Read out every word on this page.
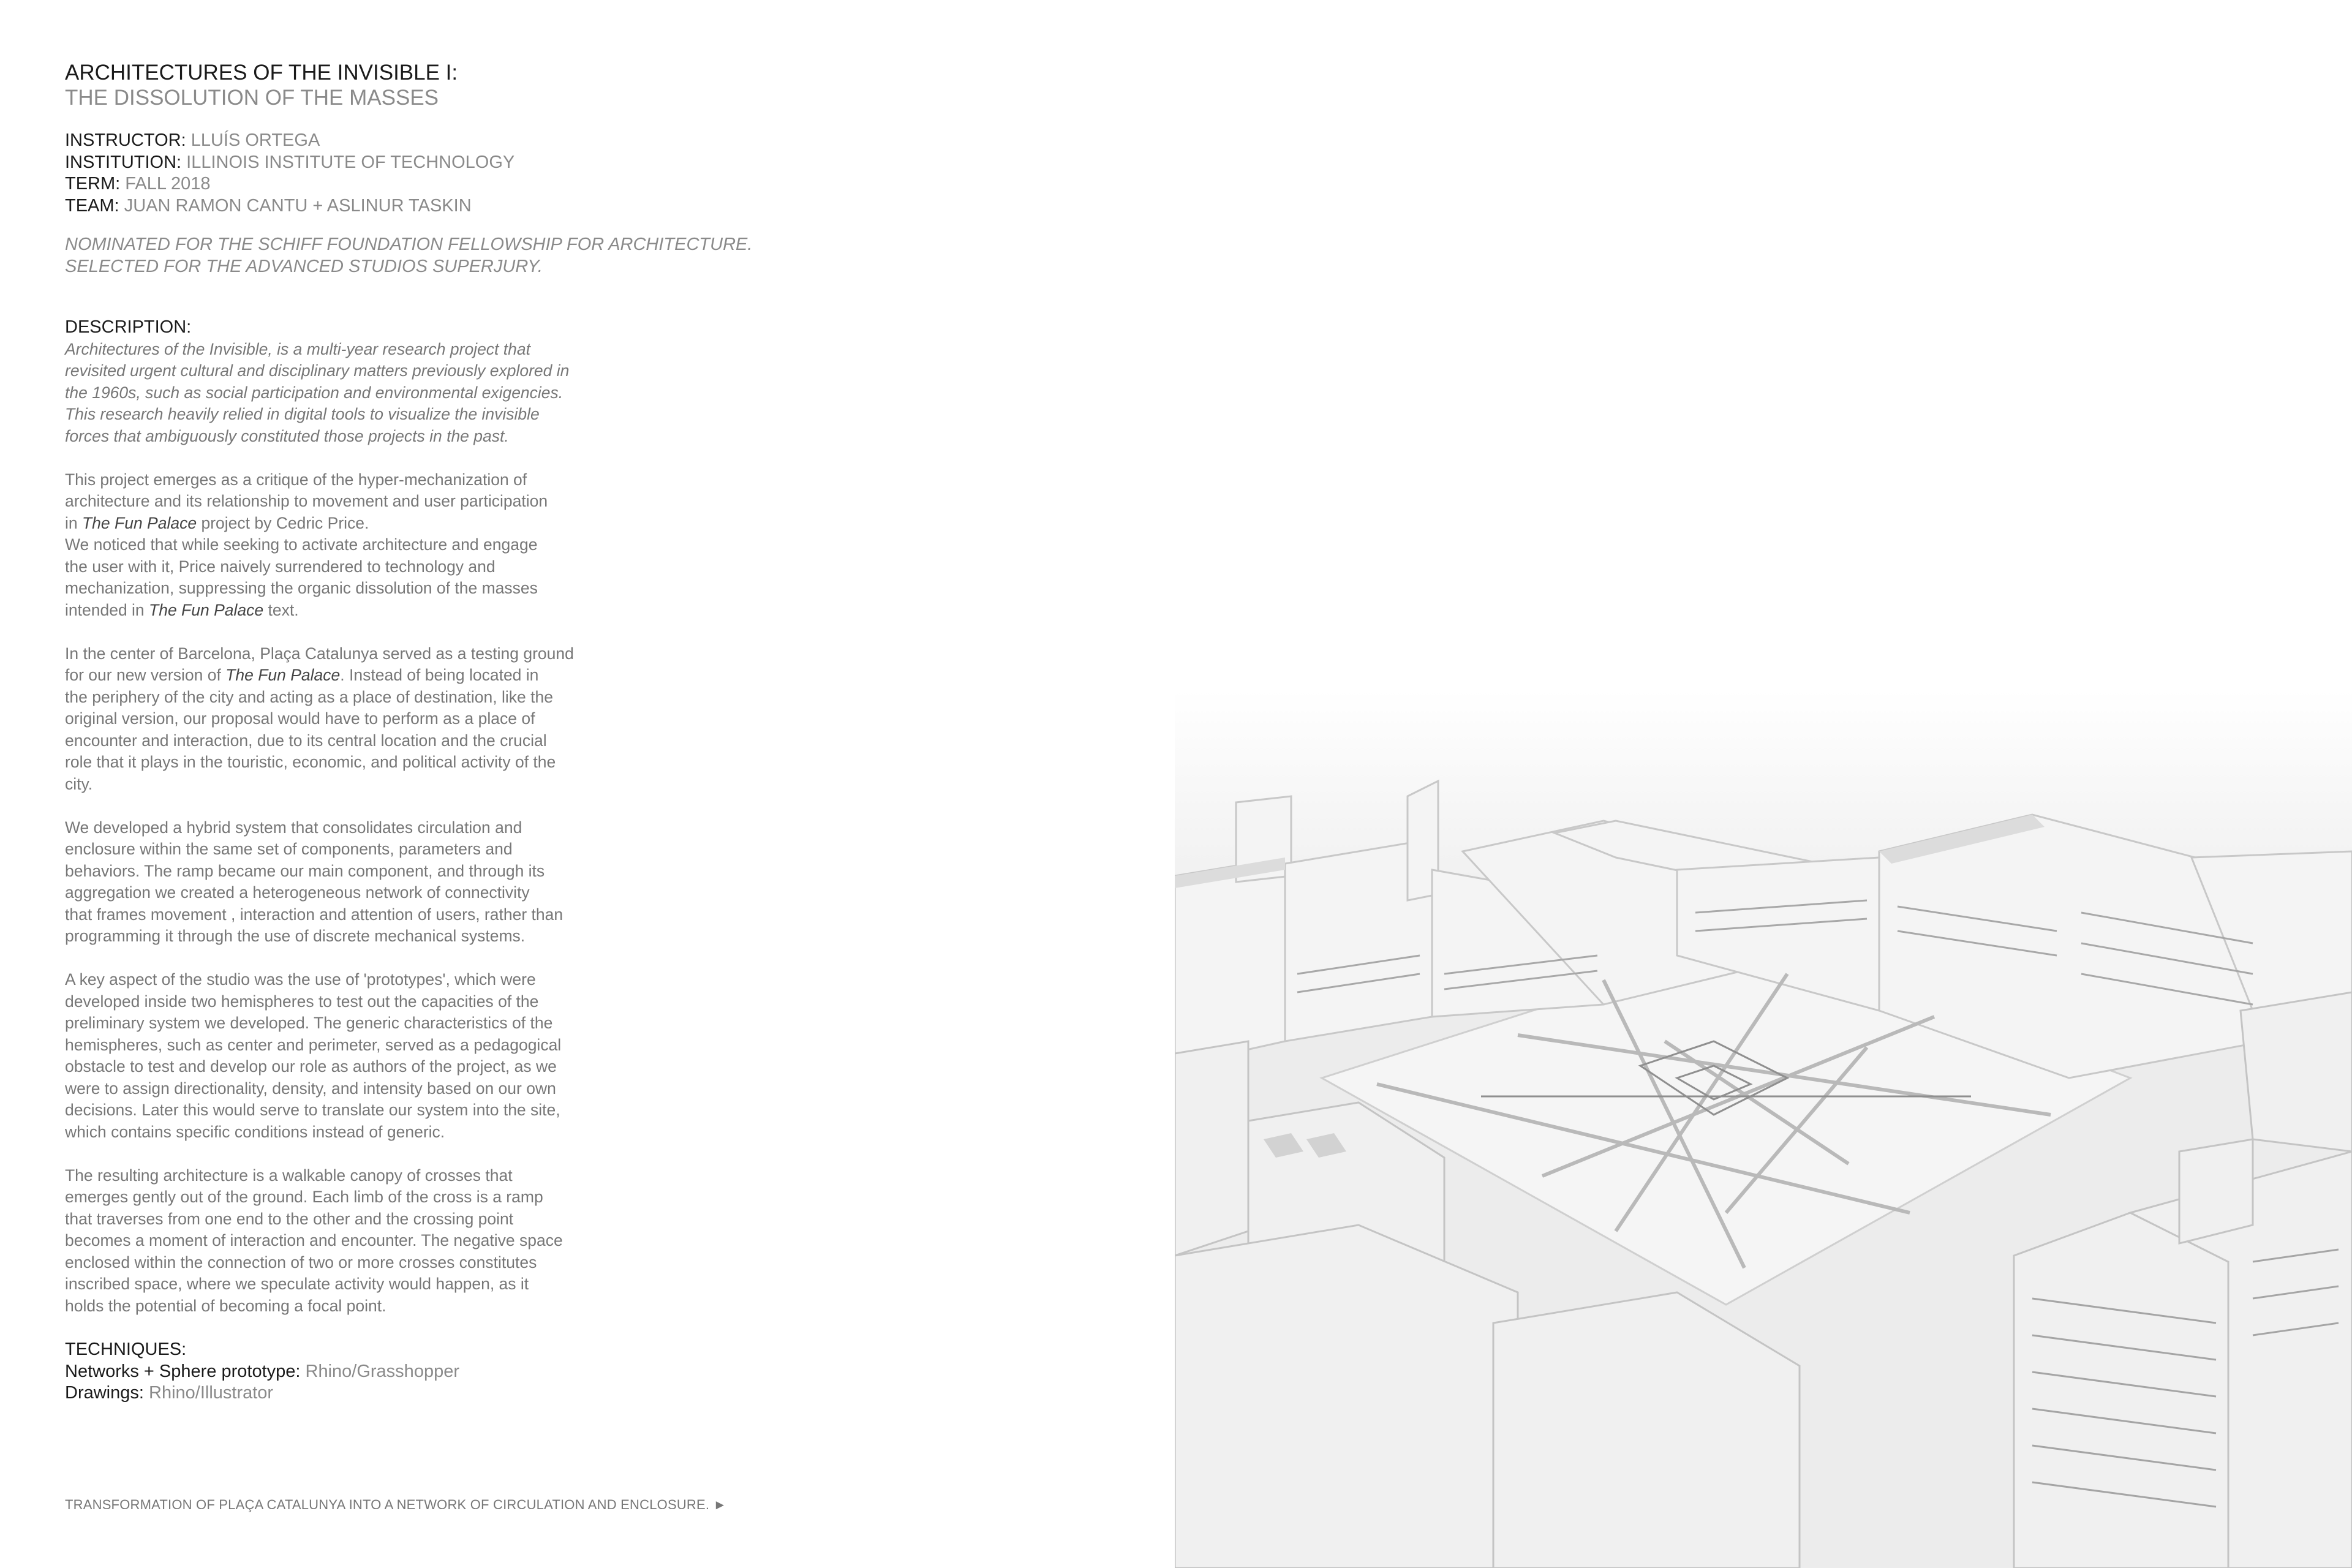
ARCHITECTURES OF THE INVISIBLE I:
THE DISSOLUTION OF THE MASSES
INSTRUCTOR: LLUÍS ORTEGA
INSTITUTION: ILLINOIS INSTITUTE OF TECHNOLOGY
TERM: FALL 2018
TEAM: JUAN RAMON CANTU + ASLINUR TASKIN
NOMINATED FOR THE SCHIFF FOUNDATION FELLOWSHIP FOR ARCHITECTURE.
SELECTED FOR THE ADVANCED STUDIOS SUPERJURY.
DESCRIPTION:

Architectures of the Invisible, is a multi-year research project that
revisited urgent cultural and disciplinary matters previously explored in
the 1960s, such as social participation and environmental exigencies.
This research heavily relied in digital tools to visualize the invisible
forces that ambiguously constituted those projects in the past.

This project emerges as a critique of the hyper-mechanization of
architecture and its relationship to movement and user participation
in The Fun Palace project by Cedric Price.
We noticed that while seeking to activate architecture and engage
the user with it, Price naively surrendered to technology and
mechanization, suppressing the organic dissolution of the masses
intended in The Fun Palace text.

In the center of Barcelona, Plaça Catalunya served as a testing ground
for our new version of The Fun Palace. Instead of being located in
the periphery of the city and acting as a place of destination, like the
original version, our proposal would have to perform as a place of
encounter and interaction, due to its central location and the crucial
role that it plays in the touristic, economic, and political activity of the
city.

We developed a hybrid system that consolidates circulation and
enclosure within the same set of components, parameters and
behaviors. The ramp became our main component, and through its
aggregation we created a heterogeneous network of connectivity
that frames movement , interaction and attention of users, rather than
programming it through the use of discrete mechanical systems.

A key aspect of the studio was the use of 'prototypes', which were
developed inside two hemispheres to test out the capacities of the
preliminary system we developed. The generic characteristics of the
hemispheres, such as center and perimeter, served as a pedagogical
obstacle to test and develop our role as authors of the project, as we
were to assign directionality, density, and intensity based on our own
decisions. Later this would serve to translate our system into the site,
which contains specific conditions instead of generic.

The resulting architecture is a walkable canopy of crosses that
emerges gently out of the ground. Each limb of the cross is a ramp
that traverses from one end to the other and the crossing point
becomes a moment of interaction and encounter. The negative space
enclosed within the connection of two or more crosses constitutes
inscribed space, where we speculate activity would happen, as it
holds the potential of becoming a focal point.

TECHNIQUES:
Networks + Sphere prototype: Rhino/Grasshopper
Drawings: Rhino/Illustrator
TRANSFORMATION OF PLAÇA CATALUNYA INTO A NETWORK OF CIRCULATION AND ENCLOSURE. ►
